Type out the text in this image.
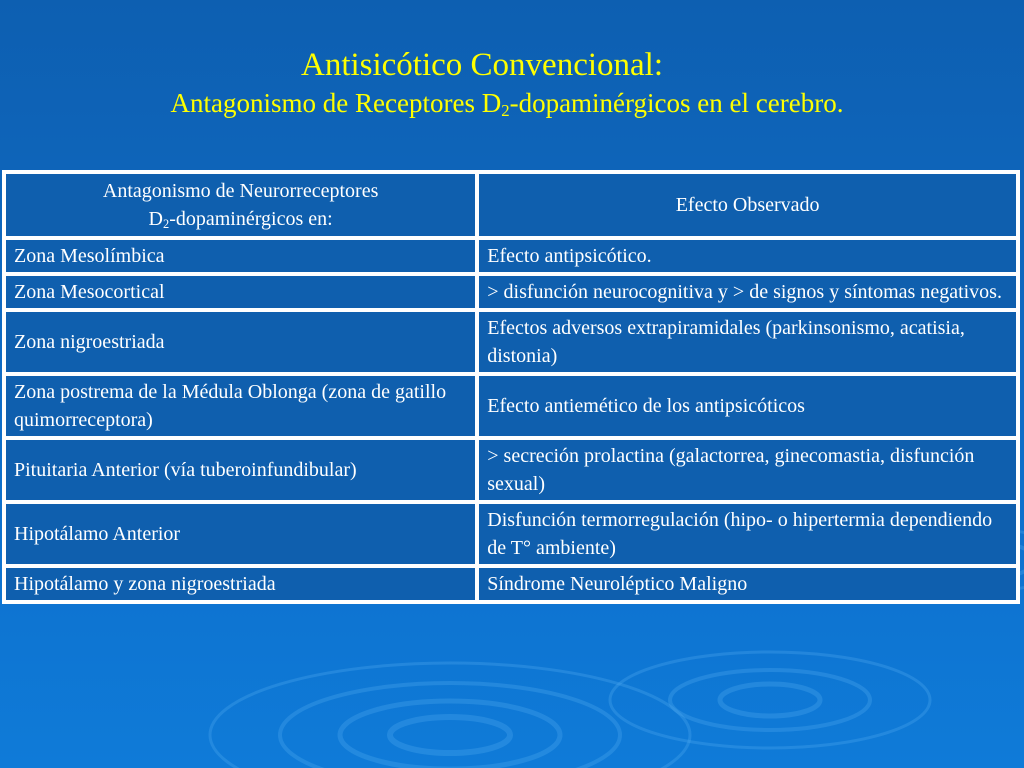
Antisicótico Convencional:
Antagonismo de Receptores $D_2$-dopaminérgicos en el cerebro.
Antagonismo de Neurorreceptores
$D_2$-dopaminérgicos en:	Efecto Observado
Zona Mesolímbica	Efecto antipsicótico.
Zona Mesocortical	> disfunción neurocognitiva y > de signos y síntomas negativos.
Zona nigroestriada	Efectos adversos extrapiramidales (parkinsonismo, acatisia, distonia)
Zona postrema de la Médula Oblonga (zona de gatillo quimorreceptora)	Efecto antiemético de los antipsicóticos
Pituitaria Anterior (vía tuberoinfundibular)	> secreción prolactina (galactorrea, ginecomastia, disfunción sexual)
Hipotálamo Anterior	Disfunción termorregulación (hipo- o hipertermia dependiendo de T° ambiente)
Hipotálamo y zona nigroestriada	Síndrome Neuroléptico Maligno
